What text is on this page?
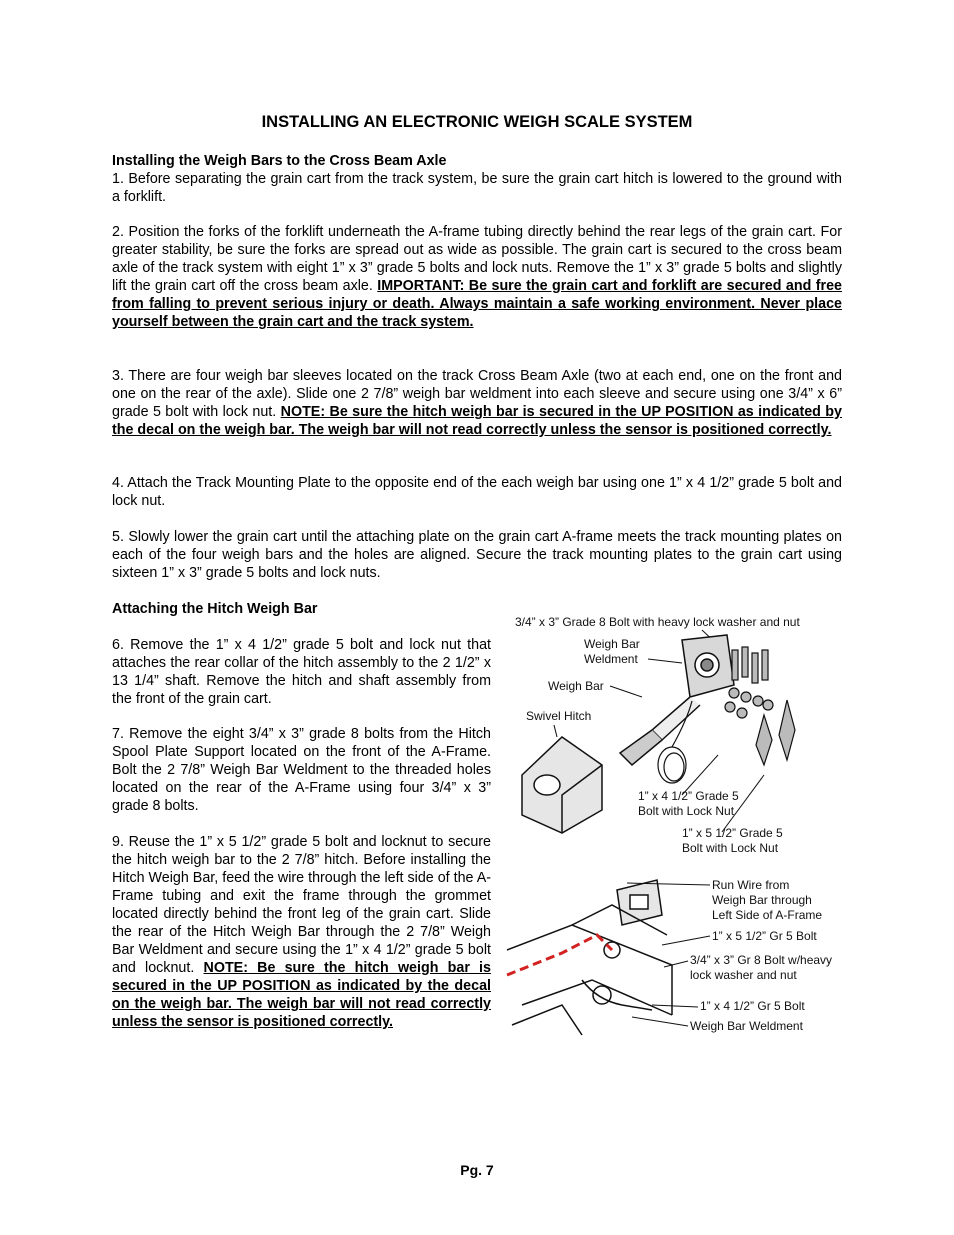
INSTALLING AN ELECTRONIC WEIGH SCALE SYSTEM

Installing the Weigh Bars to the Cross Beam Axle
1. Before separating the grain cart from the track system, be sure the grain cart hitch is lowered to the ground with a forklift.

2. Position the forks of the forklift underneath the A-frame tubing directly behind the rear legs of the grain cart. For greater stability, be sure the forks are spread out as wide as possible. The grain cart is secured to the cross beam axle of the track system with eight 1” x 3” grade 5 bolts and lock nuts. Remove the 1” x 3” grade 5 bolts and slightly lift the grain cart off the cross beam axle. IMPORTANT: Be sure the grain cart and forklift are secured and free from falling to prevent serious injury or death. Always maintain a safe working environment. Never place yourself between the grain cart and the track system.

3. There are four weigh bar sleeves located on the track Cross Beam Axle (two at each end, one on the front and one on the rear of the axle). Slide one 2 7/8” weigh bar weldment into each sleeve and secure using one 3/4” x 6” grade 5 bolt with lock nut. NOTE: Be sure the hitch weigh bar is secured in the UP POSITION as indicated by the decal on the weigh bar. The weigh bar will not read correctly unless the sensor is positioned correctly.

4. Attach the Track Mounting Plate to the opposite end of the each weigh bar using one 1” x 4 1/2” grade 5 bolt and lock nut.

5. Slowly lower the grain cart until the attaching plate on the grain cart A-frame meets the track mounting plates on each of the four weigh bars and the holes are aligned. Secure the track mounting plates to the grain cart using sixteen 1” x 3” grade 5 bolts and lock nuts.

Attaching the Hitch Weigh Bar

6. Remove the 1” x 4 1/2” grade 5 bolt and lock nut that attaches the rear collar of the hitch assembly to the 2 1/2” x 13 1/4” shaft. Remove the hitch and shaft assembly from the front of the grain cart.

7. Remove the eight 3/4” x 3” grade 8 bolts from the Hitch Spool Plate Support located on the front of the A-Frame. Bolt the 2 7/8” Weigh Bar Weldment to the threaded holes located on the rear of the A-Frame using four 3/4” x 3” grade 8 bolts.

9. Reuse the 1” x 5 1/2” grade 5 bolt and locknut to secure the hitch weigh bar to the 2 7/8” hitch. Before installing the Hitch Weigh Bar, feed the wire through the left side of the A-Frame tubing and exit the frame through the grommet located directly behind the front leg of the grain cart. Slide the rear of the Hitch Weigh Bar through the 2 7/8” Weigh Bar Weldment and secure using the 1” x 4 1/2” grade 5 bolt and locknut. NOTE: Be sure the hitch weigh bar is secured in the UP POSITION as indicated by the decal on the weigh bar. The weigh bar will not read correctly unless the sensor is positioned correctly.

3/4” x 3” Grade 8 Bolt with heavy lock washer and nut
Weigh Bar
Weldment
Weigh Bar
Swivel Hitch
1” x 4 1/2” Grade 5
Bolt with Lock Nut
1” x 5 1/2” Grade 5
Bolt with Lock Nut
Run Wire from
Weigh Bar through
Left Side of A-Frame
1” x 5 1/2” Gr 5 Bolt
3/4” x 3” Gr 8 Bolt w/heavy
lock washer and nut
1” x 4 1/2” Gr 5 Bolt
Weigh Bar Weldment
Pg. 7
